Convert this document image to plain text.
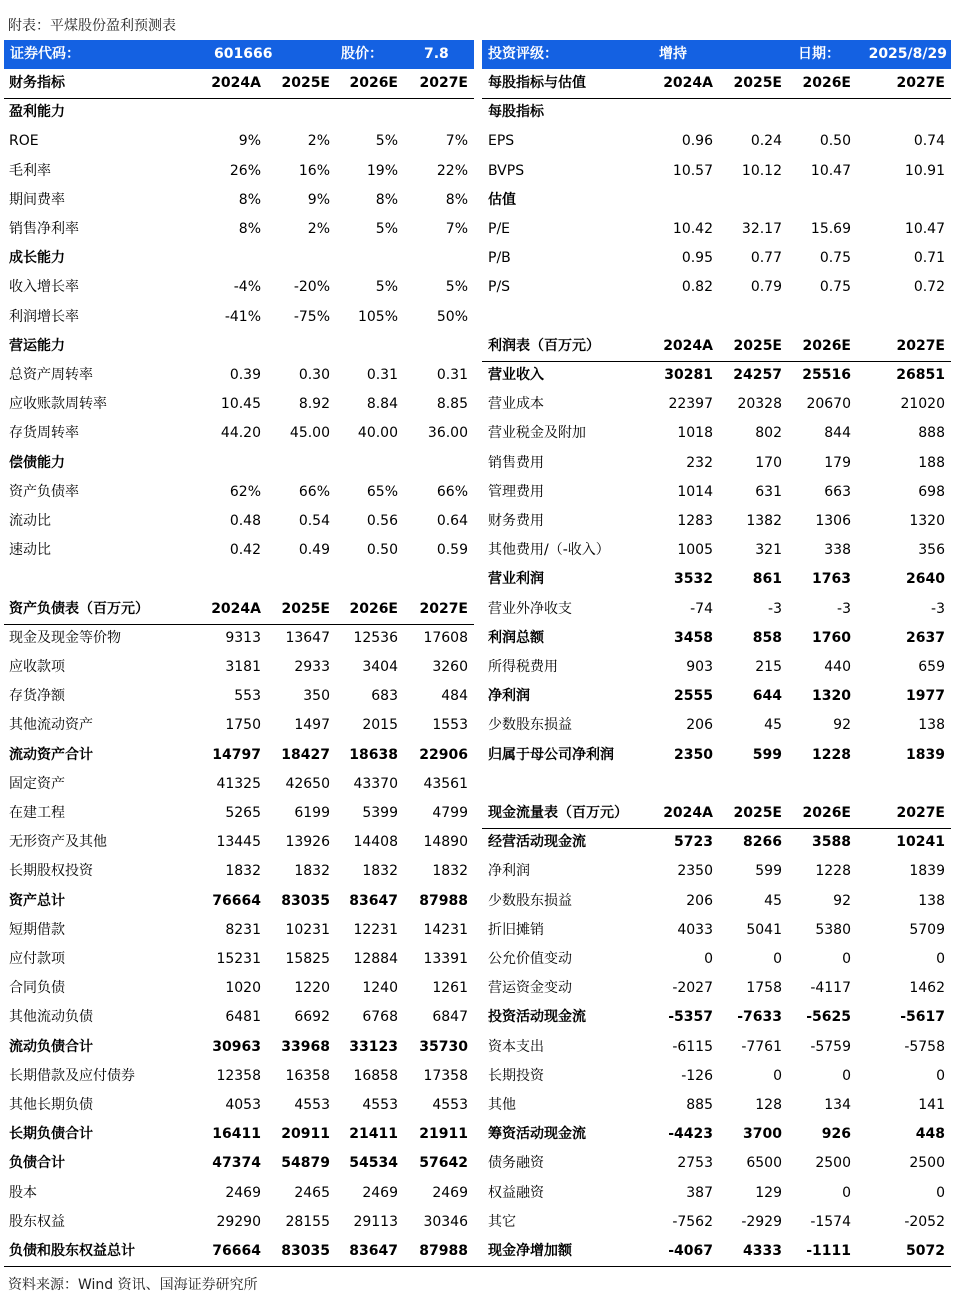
附表：平煤股份盈利预测表
证券代码：	601666	股价：	7.8	投资评级：	增持	日期： 2025/8/29
财务指标	2024A 2025E 2026E 2027E
盈利能力
ROE	9%	2%	5%	7%
毛利率	26%	16%	19%	22%
期间费率	8%	9%	8%	8%
销售净利率	8%	2%	5%	7%
成长能力
收入增长率	-4% -20%	5%	5%
利润增长率	-41% -75% 105%	50%
营运能力
总资产周转率	0.39	0.30	0.31	0.31
应收账款周转率	10.45	8.92	8.84	8.85
存货周转率	44.20 45.00 40.00 36.00
偿债能力
资产负债率	62%	66%	65%	66%
流动比	0.48	0.54	0.56	0.64
速动比	0.42	0.49	0.50	0.59
资产负债表（百万元）	2024A 2025E 2026E 2027E
现金及现金等价物	9313 13647 12536 17608
应收款项	3181 2933 3404 3260
存货净额	553	350	683	484
其他流动资产	1750 1497 2015 1553
流动资产合计	14797 18427 18638 22906
固定资产	41325 42650 43370 43561
在建工程	5265 6199 5399 4799
无形资产及其他	13445 13926 14408 14890
长期股权投资	1832 1832 1832 1832
资产总计	76664 83035 83647 87988
短期借款	8231 10231 12231 14231
应付款项	15231 15825 12884 13391
合同负债	1020 1220 1240 1261
其他流动负债	6481 6692 6768 6847
流动负债合计	30963 33968 33123 35730
长期借款及应付债券	12358 16358 16858 17358
其他长期负债	4053 4553 4553 4553
长期负债合计	16411 20911 21411 21911
负债合计	47374 54879 54534 57642
股本	2469 2465 2469 2469
股东权益	29290 28155 29113 30346
负债和股东权益总计	76664 83035 83647 87988
每股指标与估值	2024A 2025E 2026E	2027E
每股指标
EPS	0.96	0.24	0.50	0.74
BVPS	10.57 10.12 10.47	10.91
估值
P/E	10.42 32.17 15.69	10.47
P/B	0.95	0.77	0.75	0.71
P/S	0.82	0.79	0.75	0.72
利润表（百万元）	2024A 2025E 2026E	2027E
营业收入	30281 24257 25516	26851
营业成本	22397 20328 20670	21020
营业税金及附加	1018	802	844	888
销售费用	232	170	179	188
管理费用	1014	631	663	698
财务费用	1283 1382 1306	1320
其他费用/（-收入）	1005	321	338	356
营业利润	3532	861 1763	2640
营业外净收支	-74	-3	-3	-3
利润总额	3458	858 1760	2637
所得税费用	903	215	440	659
净利润	2555	644 1320	1977
少数股东损益	206	45	92	138
归属于母公司净利润	2350	599 1228	1839
现金流量表（百万元）	2024A 2025E 2026E	2027E
经营活动现金流	5723 8266 3588	10241
净利润	2350	599 1228	1839
少数股东损益	206	45	92	138
折旧摊销	4033 5041 5380	5709
公允价值变动	0	0	0	0
营运资金变动	-2027 1758 -4117	1462
投资活动现金流	-5357 -7633 -5625	-5617
资本支出	-6115 -7761 -5759	-5758
长期投资	-126	0	0	0
其他	885	128	134	141
筹资活动现金流	-4423 3700	926	448
债务融资	2753 6500 2500	2500
权益融资	387	129	0	0
其它	-7562 -2929 -1574	-2052
现金净增加额	-4067 4333 -1111	5072
资料来源：Wind 资讯、国海证券研究所
